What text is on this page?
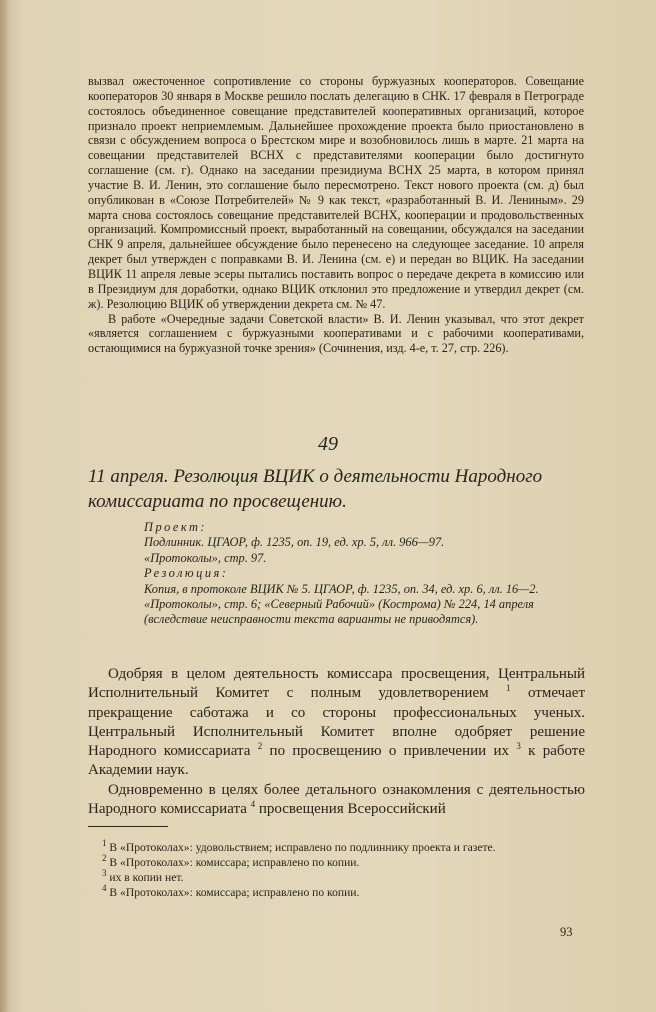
вызвал ожесточенное сопротивление со стороны буржуазных кооператоров. Совещание кооператоров 30 января в Москве решило послать делегацию в СНК. 17 февраля в Петрограде состоялось объединенное совещание представителей кооперативных организаций, которое признало проект неприемлемым. Дальнейшее прохождение проекта было приостановлено в связи с обсуждением вопроса о Брестском мире и возобновилось лишь в марте. 21 марта на совещании представителей ВСНХ с представителями кооперации было достигнуто соглашение (см. г). Однако на заседании президиума ВСНХ 25 марта, в котором принял участие В. И. Ленин, это соглашение было пересмотрено. Текст нового проекта (см. д) был опубликован в «Союзе Потребителей» № 9 как текст, «разработанный В. И. Лениным». 29 марта снова состоялось совещание представителей ВСНХ, кооперации и продовольственных организаций. Компромиссный проект, выработанный на совещании, обсуждался на заседании СНК 9 апреля, дальнейшее обсуждение было перенесено на следующее заседание. 10 апреля декрет был утвержден с поправками В. И. Ленина (см. е) и передан во ВЦИК. На заседании ВЦИК 11 апреля левые эсеры пытались поставить вопрос о передаче декрета в комиссию или в Президиум для доработки, однако ВЦИК отклонил это предложение и утвердил декрет (см. ж). Резолюцию ВЦИК об утверждении декрета см. № 47.

В работе «Очередные задачи Советской власти» В. И. Ленин указывал, что этот декрет «является соглашением с буржуазными кооперативами и с рабочими кооперативами, остающимися на буржуазной точке зрения» (Сочинения, изд. 4-е, т. 27, стр. 226).

49
11 апреля. Резолюция ВЦИК о деятельности Народного комиссариата по просвещению.
Проект:
Подлинник. ЦГАОР, ф. 1235, оп. 19, ед. хр. 5, лл. 966—97.
«Протоколы», стр. 97.
Резолюция:
Копия, в протоколе ВЦИК № 5. ЦГАОР, ф. 1235, оп. 34, ед. хр. 6, лл. 16—2.
«Протоколы», стр. 6; «Северный Рабочий» (Кострома) № 224, 14 апреля (вследствие неисправности текста варианты не приводятся).

Одобряя в целом деятельность комиссара просвещения, Центральный Исполнительный Комитет с полным удовлетворением $^1$ отмечает прекращение саботажа и со стороны профессиональных ученых. Центральный Исполнительный Комитет вполне одобряет решение Народного комиссариата $^2$ по просвещению о привлечении их $^3$ к работе Академии наук.

Одновременно в целях более детального ознакомления с деятельностью Народного комиссариата $^4$ просвещения Всероссийский

$^1$ В «Протоколах»: удовольствием; исправлено по подлиннику проекта и газете.

$^2$ В «Протоколах»: комиссара; исправлено по копии.

$^3$ их в копии нет.

$^4$ В «Протоколах»: комиссара; исправлено по копии.

93
